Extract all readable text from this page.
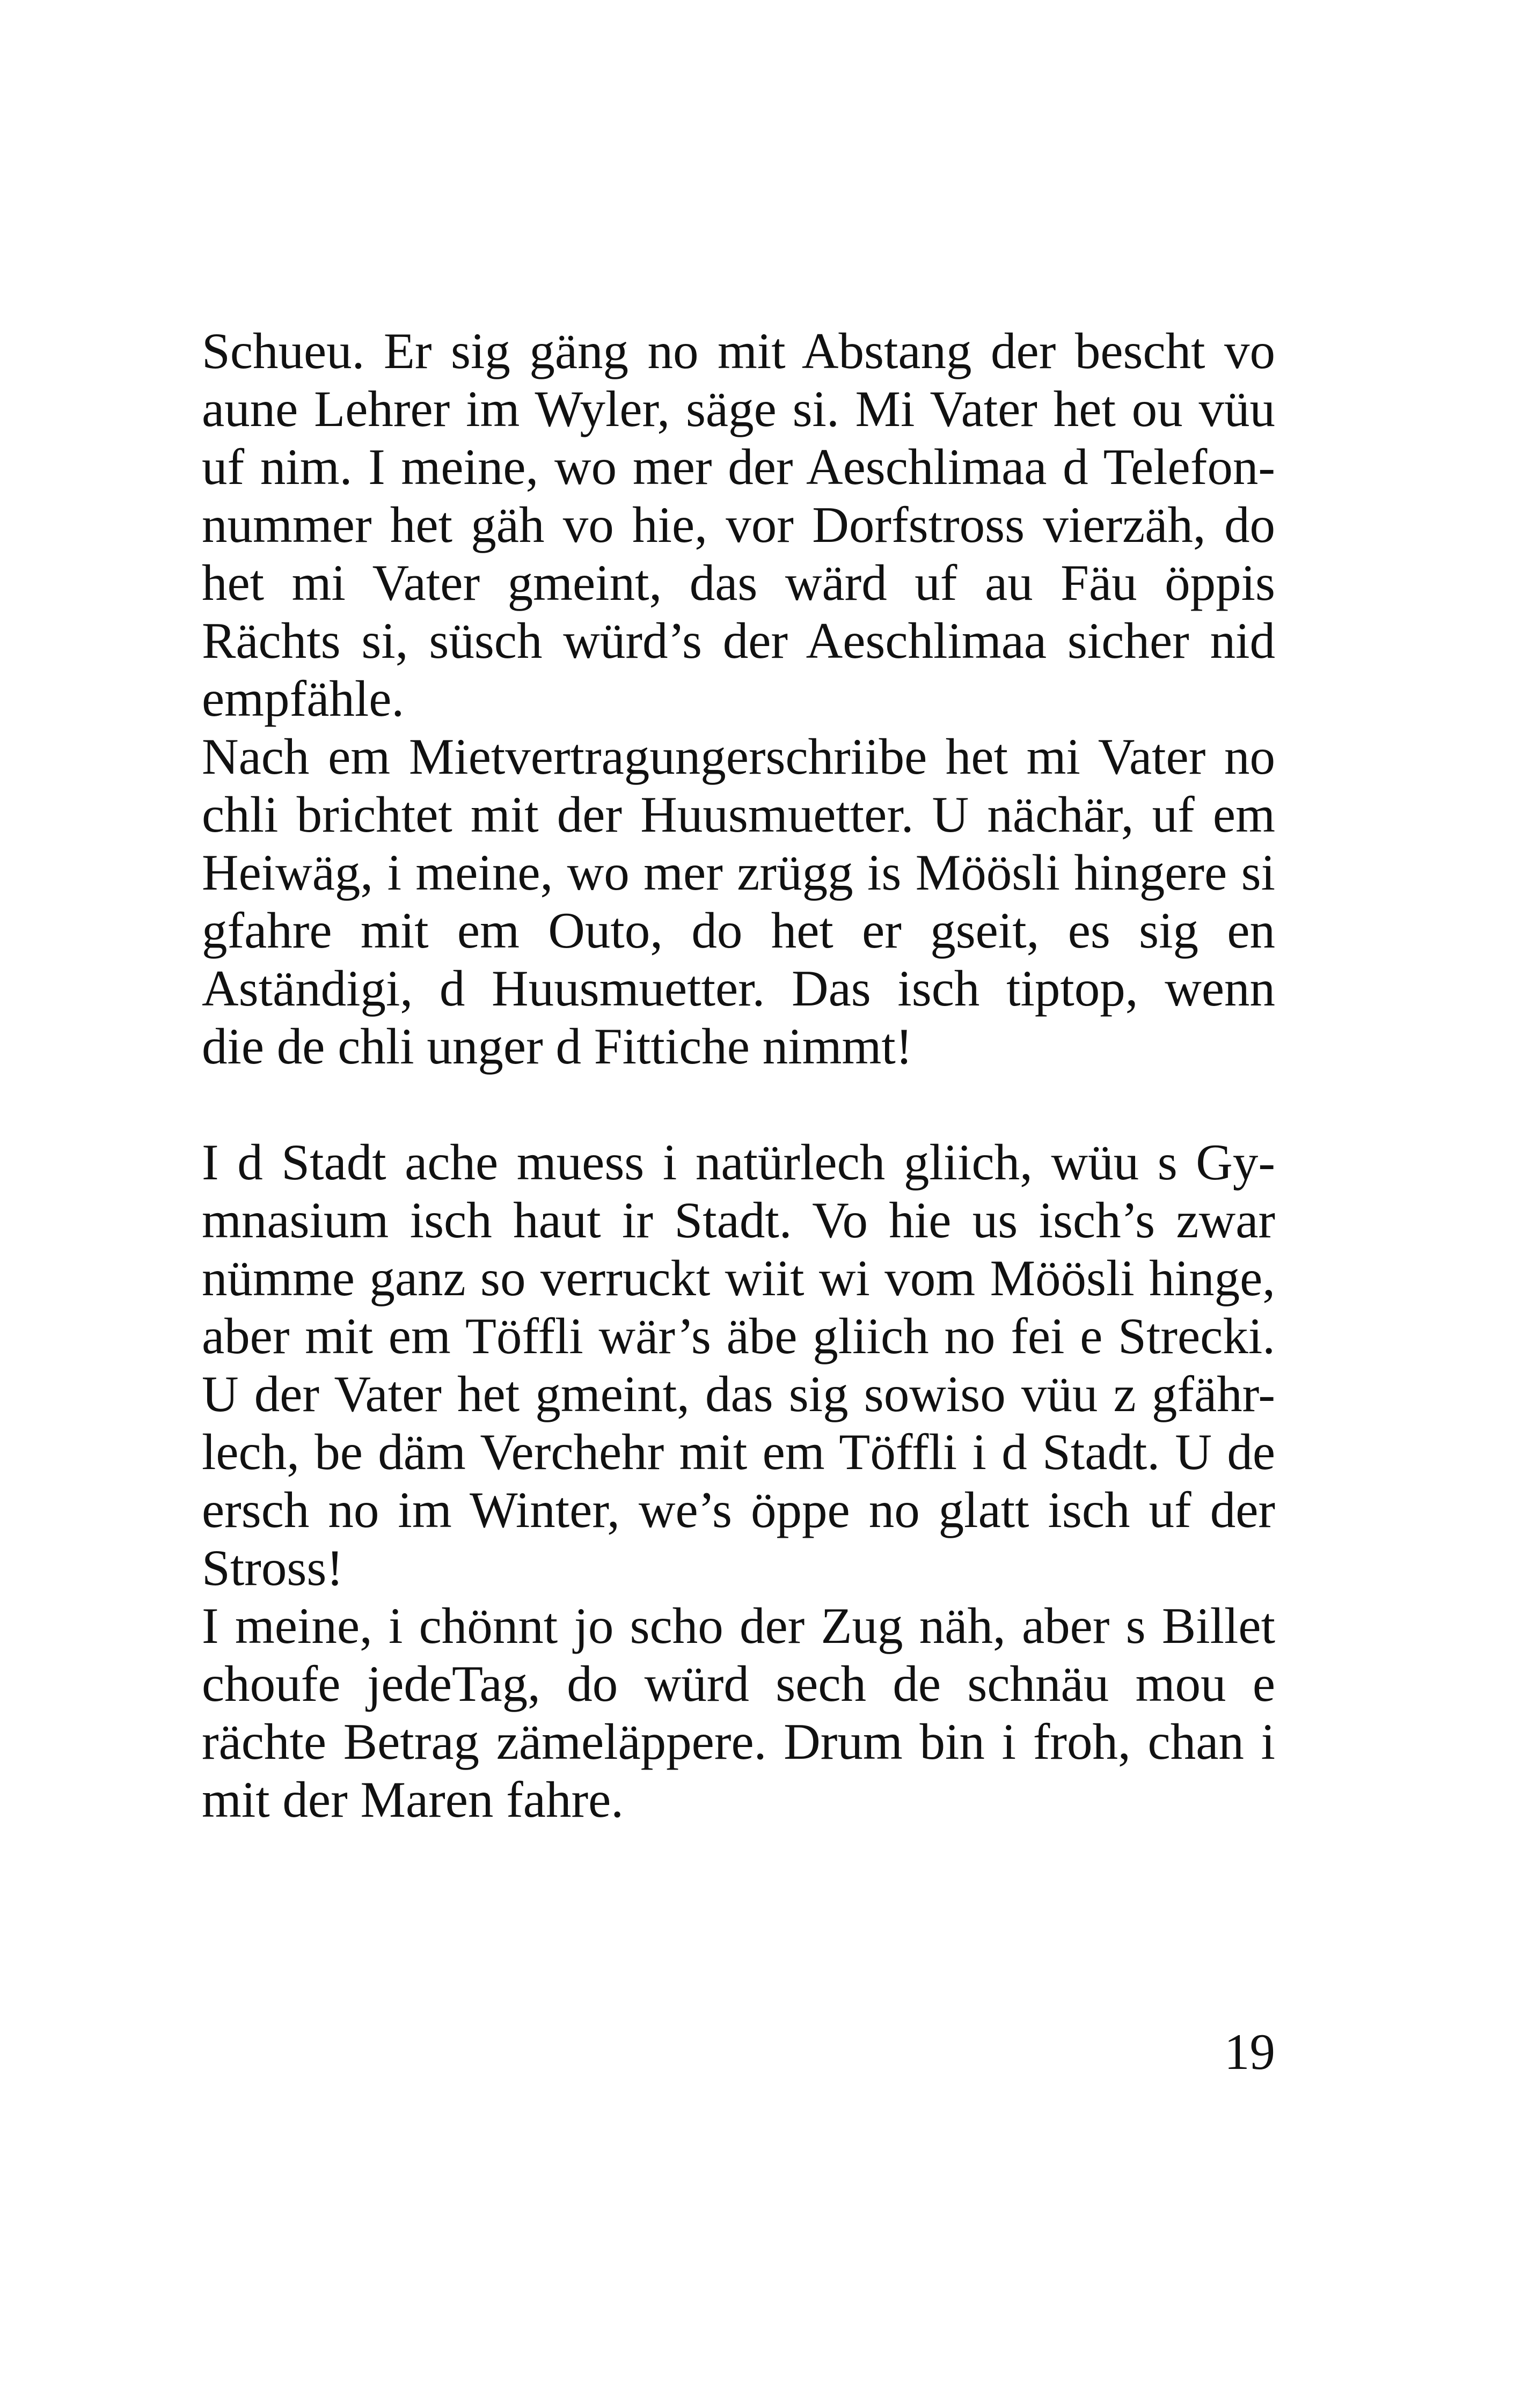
Schueu. Er sig gäng no mit Abstang der bescht vo
aune Lehrer im Wyler, säge si. Mi Vater het ou vüu
uf nim. I meine, wo mer der Aeschlimaa d Telefon-
nummer het gäh vo hie, vor Dorfstross vierzäh, do
het mi Vater gmeint, das wärd uf au Fäu öppis
Rächts si, süsch würd’s der Aeschlimaa sicher nid
empfähle.
Nach em Mietvertragungerschriibe het mi Vater no
chli brichtet mit der Huusmuetter. U nächär, uf em
Heiwäg, i meine, wo mer zrügg is Möösli hingere si
gfahre mit em Outo, do het er gseit, es sig en
Aständigi, d Huusmuetter. Das isch tiptop, wenn
die de chli unger d Fittiche nimmt!
I d Stadt ache muess i natürlech gliich, wüu s Gy-
mnasium isch haut ir Stadt. Vo hie us isch’s zwar
nümme ganz so verruckt wiit wi vom Möösli hinge,
aber mit em Töffli wär’s äbe gliich no fei e Strecki.
U der Vater het gmeint, das sig sowiso vüu z gfähr-
lech, be däm Verchehr mit em Töffli i d Stadt. U de
ersch no im Winter, we’s öppe no glatt isch uf der
Stross!
I meine, i chönnt jo scho der Zug näh, aber s Billet
choufe jedeTag, do würd sech de schnäu mou e
rächte Betrag zämeläppere. Drum bin i froh, chan i
mit der Maren fahre.
19
